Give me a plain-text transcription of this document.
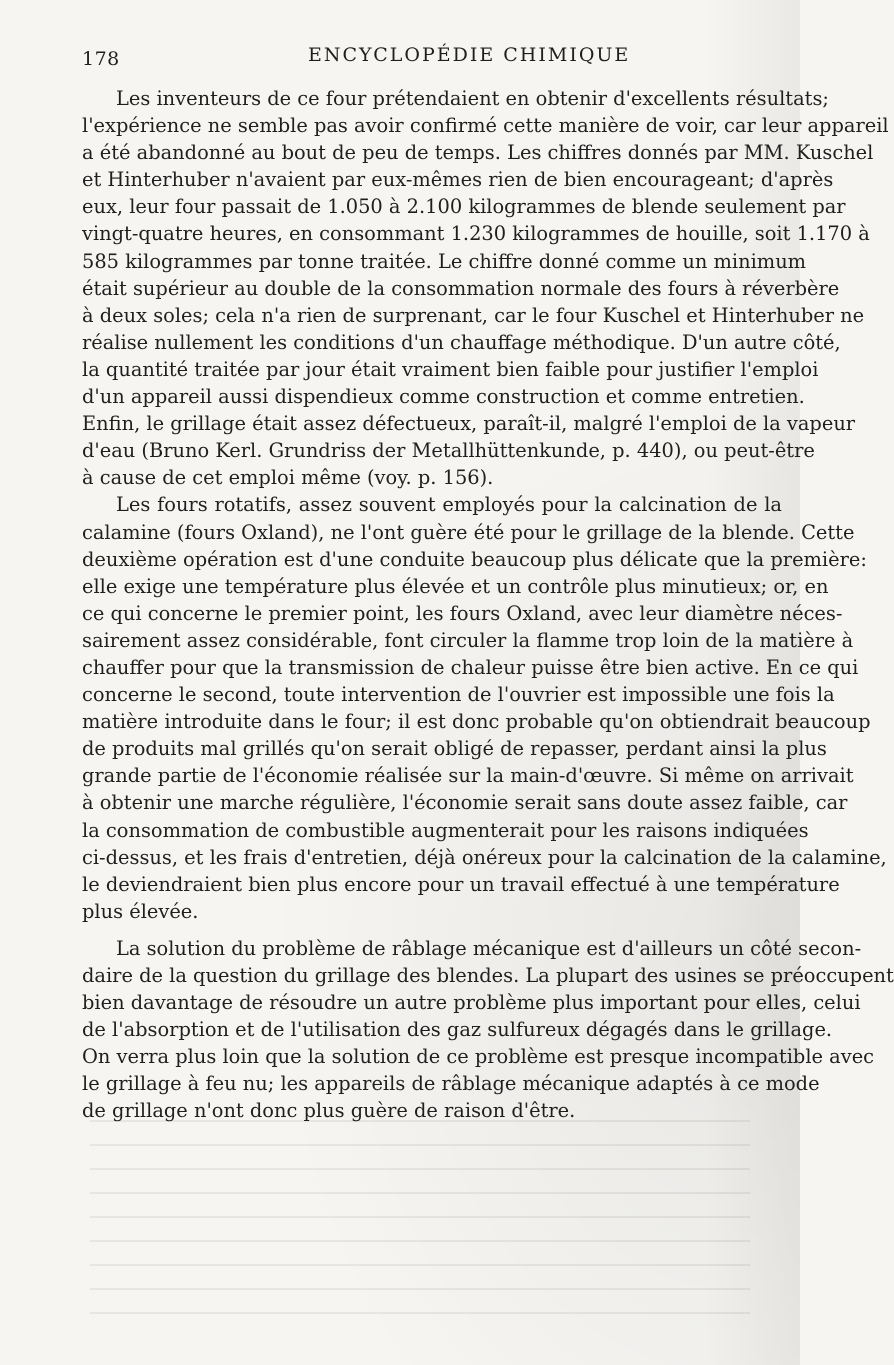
178	ENCYCLOPÉDIE CHIMIQUE
Les inventeurs de ce four prétendaient en obtenir d'excellents résultats;
l'expérience ne semble pas avoir confirmé cette manière de voir, car leur appareil
a été abandonné au bout de peu de temps. Les chiffres donnés par MM. Kuschel
et Hinterhuber n'avaient par eux-mêmes rien de bien encourageant; d'après
eux, leur four passait de 1.050 à 2.100 kilogrammes de blende seulement par
vingt-quatre heures, en consommant 1.230 kilogrammes de houille, soit 1.170 à
585 kilogrammes par tonne traitée. Le chiffre donné comme un minimum
était supérieur au double de la consommation normale des fours à réverbère
à deux soles; cela n'a rien de surprenant, car le four Kuschel et Hinterhuber ne
réalise nullement les conditions d'un chauffage méthodique. D'un autre côté,
la quantité traitée par jour était vraiment bien faible pour justifier l'emploi
d'un appareil aussi dispendieux comme construction et comme entretien.
Enfin, le grillage était assez défectueux, paraît-il, malgré l'emploi de la vapeur
d'eau (Bruno Kerl. Grundriss der Metallhüttenkunde, p. 440), ou peut-être
à cause de cet emploi même (voy. p. 156).
Les fours rotatifs, assez souvent employés pour la calcination de la
calamine (fours Oxland), ne l'ont guère été pour le grillage de la blende. Cette
deuxième opération est d'une conduite beaucoup plus délicate que la première:
elle exige une température plus élevée et un contrôle plus minutieux; or, en
ce qui concerne le premier point, les fours Oxland, avec leur diamètre néces-
sairement assez considérable, font circuler la flamme trop loin de la matière à
chauffer pour que la transmission de chaleur puisse être bien active. En ce qui
concerne le second, toute intervention de l'ouvrier est impossible une fois la
matière introduite dans le four; il est donc probable qu'on obtiendrait beaucoup
de produits mal grillés qu'on serait obligé de repasser, perdant ainsi la plus
grande partie de l'économie réalisée sur la main-d'œuvre. Si même on arrivait
à obtenir une marche régulière, l'économie serait sans doute assez faible, car
la consommation de combustible augmenterait pour les raisons indiquées
ci-dessus, et les frais d'entretien, déjà onéreux pour la calcination de la calamine,
le deviendraient bien plus encore pour un travail effectué à une température
plus élevée.
La solution du problème de râblage mécanique est d'ailleurs un côté secon-
daire de la question du grillage des blendes. La plupart des usines se préoccupent
bien davantage de résoudre un autre problème plus important pour elles, celui
de l'absorption et de l'utilisation des gaz sulfureux dégagés dans le grillage.
On verra plus loin que la solution de ce problème est presque incompatible avec
le grillage à feu nu; les appareils de râblage mécanique adaptés à ce mode
de grillage n'ont donc plus guère de raison d'être.
